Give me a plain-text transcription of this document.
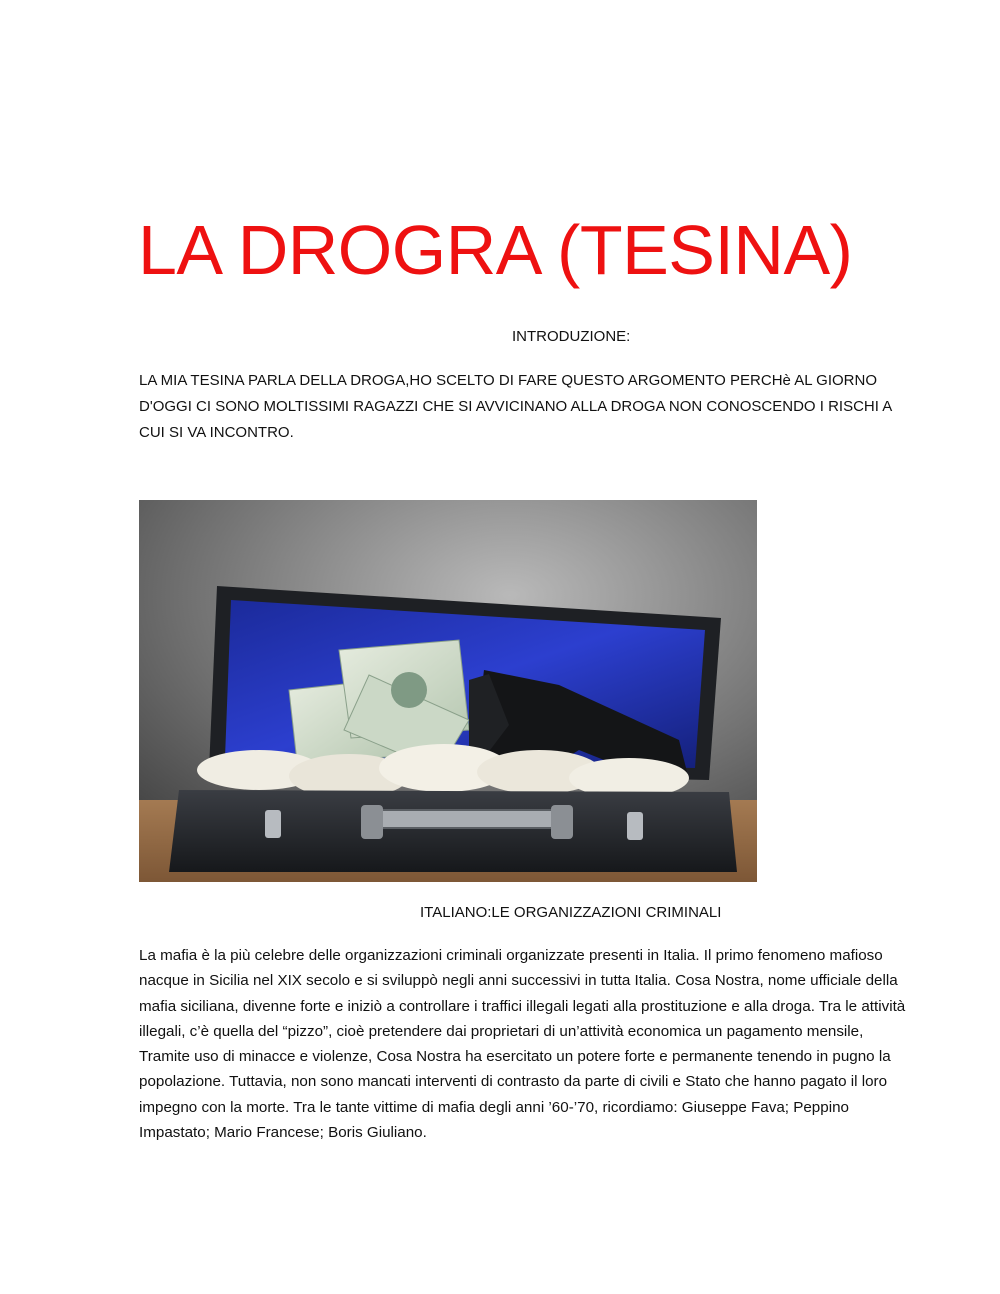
LA DROGRA (TESINA)
INTRODUZIONE:

LA MIA TESINA PARLA DELLA DROGA,HO SCELTO DI FARE QUESTO ARGOMENTO PERCHè AL GIORNO D'OGGI CI SONO MOLTISSIMI RAGAZZI CHE SI AVVICINANO ALLA DROGA NON CONOSCENDO I RISCHI A CUI SI VA INCONTRO.

ITALIANO:LE ORGANIZZAZIONI CRIMINALI

La mafia è la più celebre delle organizzazioni criminali organizzate presenti in Italia. Il primo fenomeno mafioso nacque in Sicilia nel XIX secolo e si sviluppò negli anni successivi in tutta Italia. Cosa Nostra, nome ufficiale della mafia siciliana, divenne forte e iniziò a controllare i traffici illegali legati alla prostituzione e alla droga. Tra le attività illegali, c’è quella del “pizzo”, cioè pretendere dai proprietari di un’attività economica un pagamento mensile, Tramite uso di minacce e violenze, Cosa Nostra ha esercitato un potere forte e permanente tenendo in pugno la popolazione. Tuttavia, non sono mancati interventi di contrasto da parte di civili e Stato che hanno pagato il loro impegno con la morte. Tra le tante vittime di mafia degli anni ’60-’70, ricordiamo: Giuseppe Fava; Peppino Impastato; Mario Francese; Boris Giuliano.
